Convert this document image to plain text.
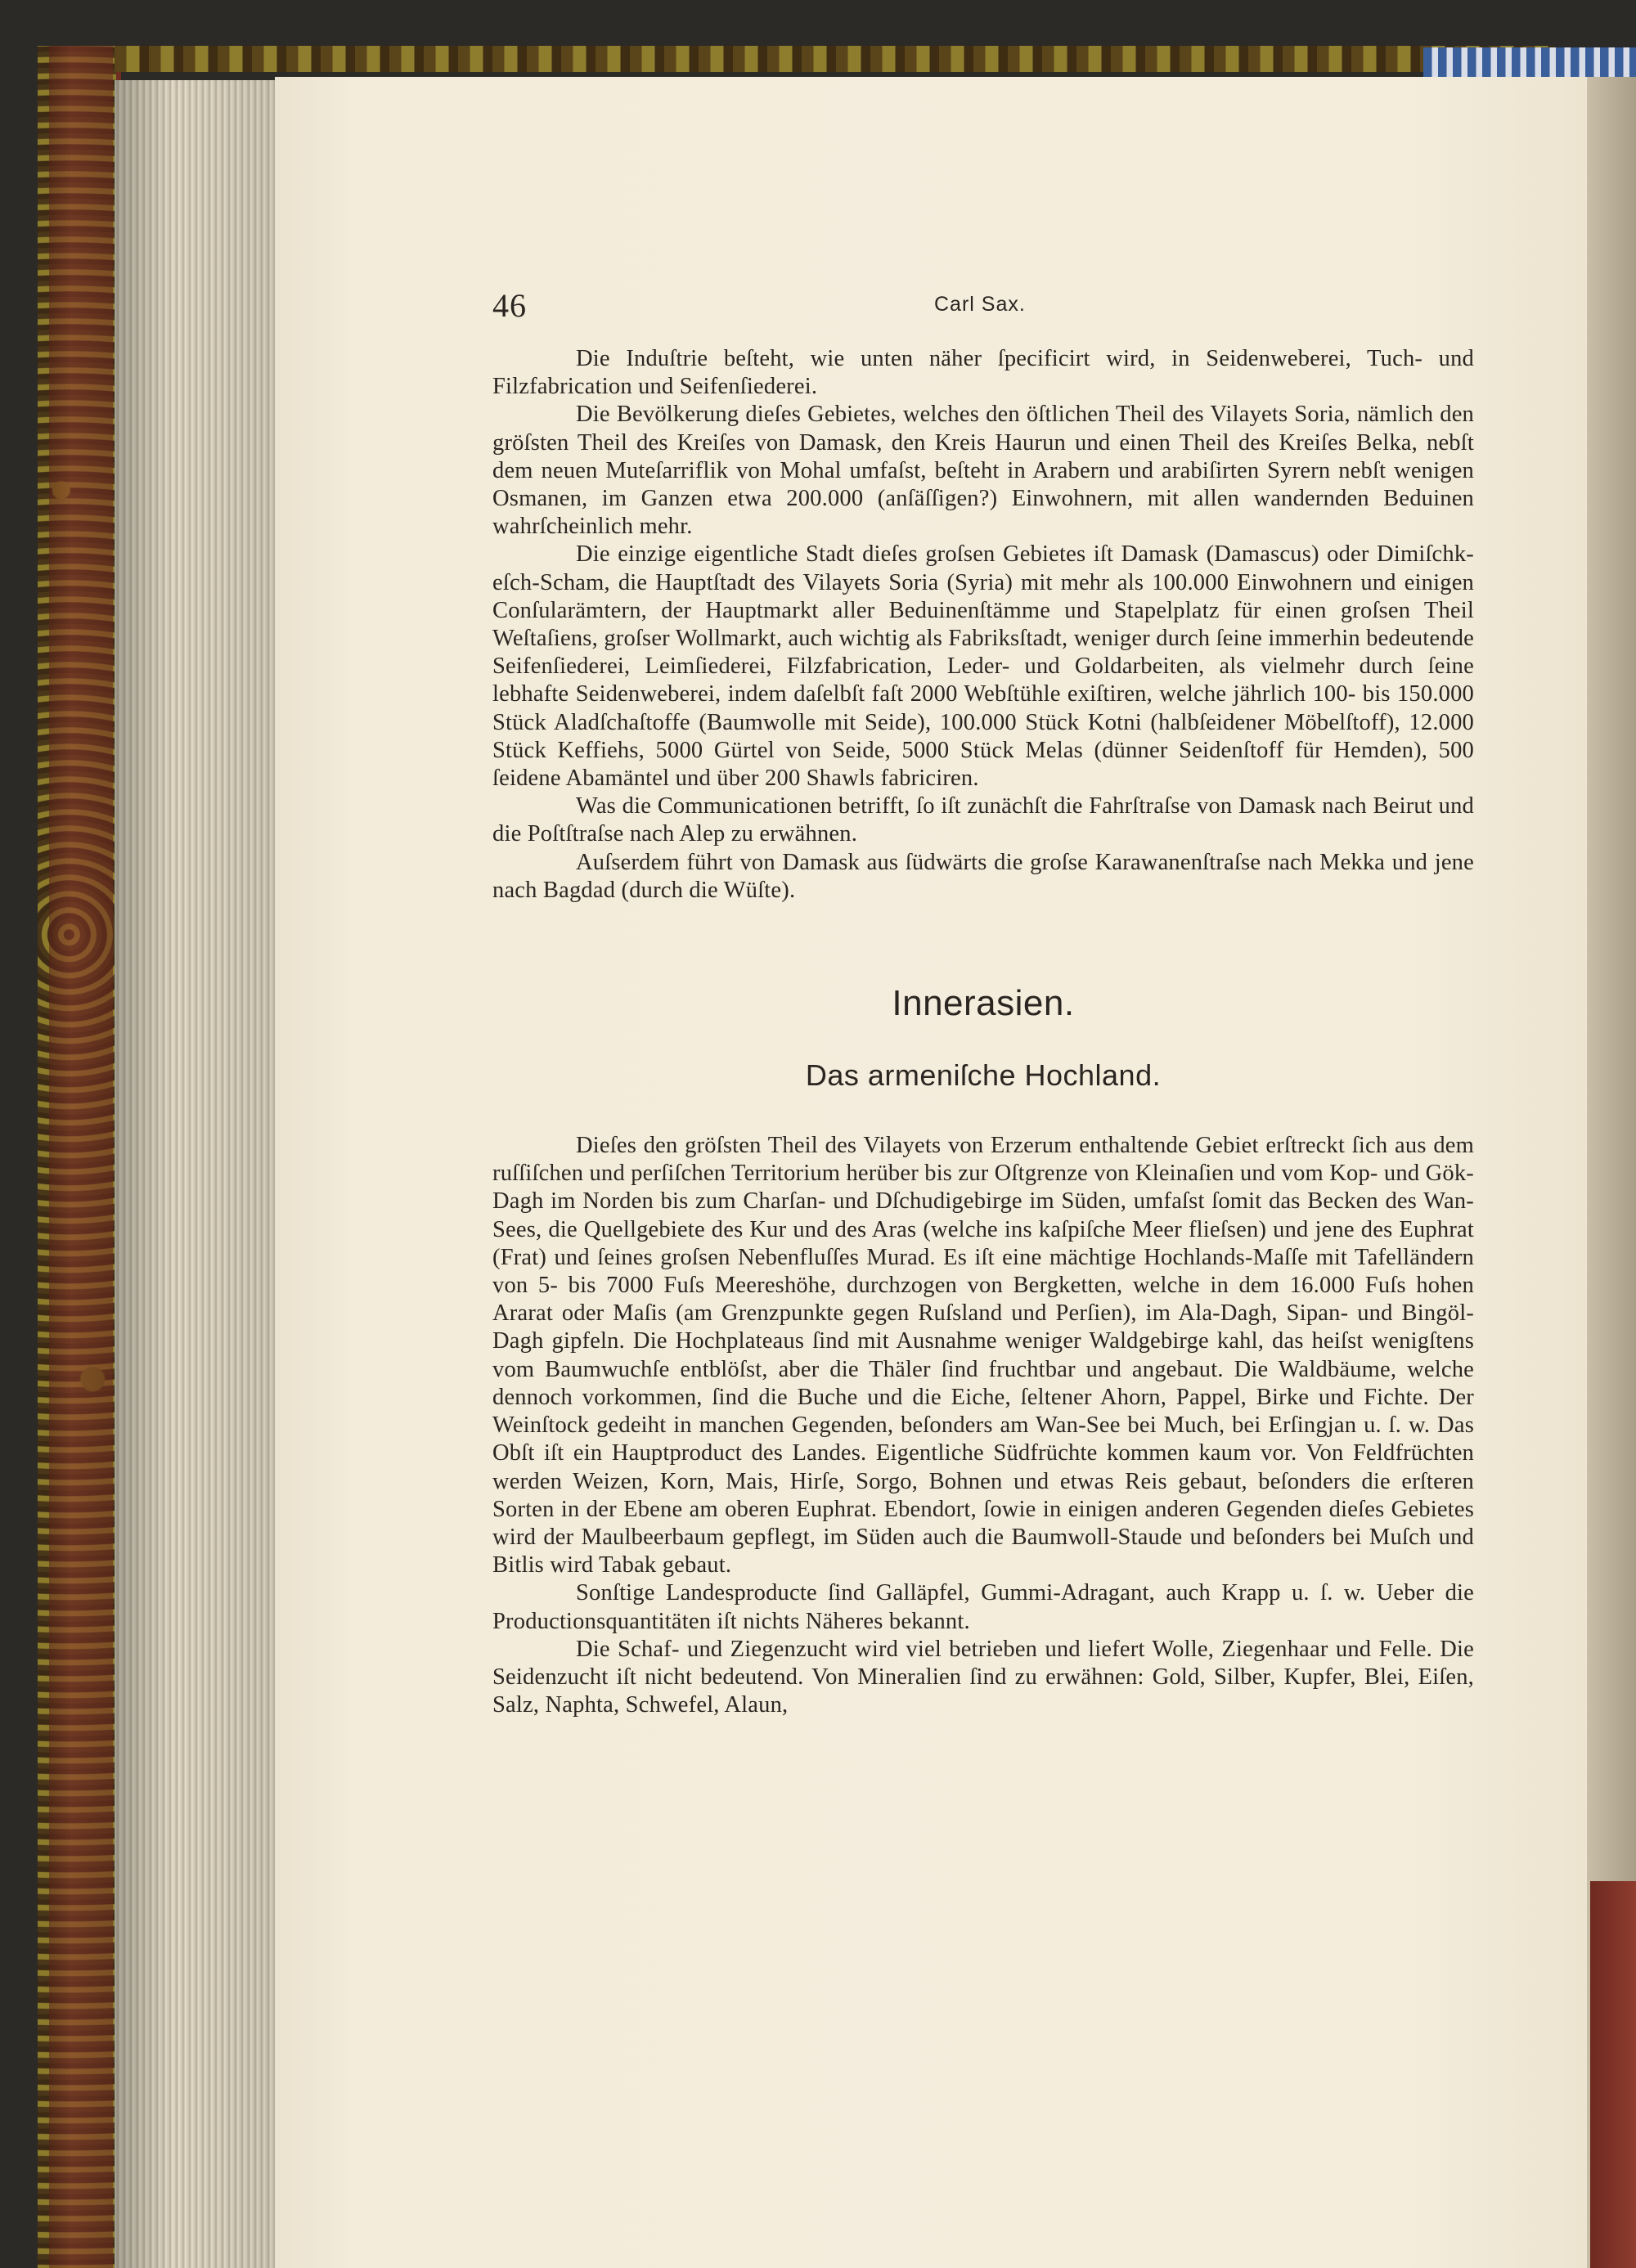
46	Carl Sax.

Die Induſtrie beſteht, wie unten näher ſpecificirt wird, in Seidenweberei, Tuch- und Filzfabrication und Seifenſiederei.

Die Bevölkerung dieſes Gebietes, welches den öſtlichen Theil des Vilayets Soria, nämlich den gröſsten Theil des Kreiſes von Damask, den Kreis Haurun und einen Theil des Kreiſes Belka, nebſt dem neuen Muteſarriflik von Mohal umfaſst, beſteht in Arabern und arabiſirten Syrern nebſt wenigen Osmanen, im Ganzen etwa 200.000 (anſäſſigen?) Einwohnern, mit allen wandernden Beduinen wahrſcheinlich mehr.

Die einzige eigentliche Stadt dieſes groſsen Gebietes iſt Damask (Damascus) oder Dimiſchk-eſch-Scham, die Hauptſtadt des Vilayets Soria (Syria) mit mehr als 100.000 Einwohnern und einigen Conſularämtern, der Hauptmarkt aller Beduinenſtämme und Stapelplatz für einen groſsen Theil Weſtaſiens, groſser Wollmarkt, auch wichtig als Fabriksſtadt, weniger durch ſeine immerhin bedeutende Seifenſiederei, Leimſiederei, Filzfabrication, Leder- und Goldarbeiten, als vielmehr durch ſeine lebhafte Seidenweberei, indem daſelbſt faſt 2000 Webſtühle exiſtiren, welche jährlich 100- bis 150.000 Stück Aladſchaſtoffe (Baumwolle mit Seide), 100.000 Stück Kotni (halbſeidener Möbelſtoff), 12.000 Stück Keffiehs, 5000 Gürtel von Seide, 5000 Stück Melas (dünner Seidenſtoff für Hemden), 500 ſeidene Abamäntel und über 200 Shawls fabriciren.

Was die Communicationen betrifft, ſo iſt zunächſt die Fahrſtraſse von Damask nach Beirut und die Poſtſtraſse nach Alep zu erwähnen.

Auſserdem führt von Damask aus ſüdwärts die groſse Karawanenſtraſse nach Mekka und jene nach Bagdad (durch die Wüſte).

Innerasien.
Das armeniſche Hochland.

Dieſes den gröſsten Theil des Vilayets von Erzerum enthaltende Gebiet erſtreckt ſich aus dem ruſſiſchen und perſiſchen Territorium herüber bis zur Oſtgrenze von Kleinaſien und vom Kop- und Gök-Dagh im Norden bis zum Charſan- und Dſchudigebirge im Süden, umfaſst ſomit das Becken des Wan-Sees, die Quellgebiete des Kur und des Aras (welche ins kaſpiſche Meer flieſsen) und jene des Euphrat (Frat) und ſeines groſsen Nebenfluſſes Murad. Es iſt eine mächtige Hochlands-Maſſe mit Tafelländern von 5- bis 7000 Fuſs Meereshöhe, durchzogen von Bergketten, welche in dem 16.000 Fuſs hohen Ararat oder Maſis (am Grenzpunkte gegen Ruſsland und Perſien), im Ala-Dagh, Sipan- und Bingöl-Dagh gipfeln. Die Hochplateaus ſind mit Ausnahme weniger Waldgebirge kahl, das heiſst wenigſtens vom Baumwuchſe entblöſst, aber die Thäler ſind fruchtbar und angebaut. Die Waldbäume, welche dennoch vorkommen, ſind die Buche und die Eiche, ſeltener Ahorn, Pappel, Birke und Fichte. Der Weinſtock gedeiht in manchen Gegenden, beſonders am Wan-See bei Much, bei Erſingjan u. ſ. w. Das Obſt iſt ein Hauptproduct des Landes. Eigentliche Südfrüchte kommen kaum vor. Von Feldfrüchten werden Weizen, Korn, Mais, Hirſe, Sorgo, Bohnen und etwas Reis gebaut, beſonders die erſteren Sorten in der Ebene am oberen Euphrat. Ebendort, ſowie in einigen anderen Gegenden dieſes Gebietes wird der Maulbeerbaum gepflegt, im Süden auch die Baumwoll-Staude und beſonders bei Muſch und Bitlis wird Tabak gebaut.

Sonſtige Landesproducte ſind Galläpfel, Gummi-Adragant, auch Krapp u. ſ. w. Ueber die Productionsquantitäten iſt nichts Näheres bekannt.

Die Schaf- und Ziegenzucht wird viel betrieben und liefert Wolle, Ziegenhaar und Felle. Die Seidenzucht iſt nicht bedeutend. Von Mineralien ſind zu erwähnen: Gold, Silber, Kupfer, Blei, Eiſen, Salz, Naphta, Schwefel, Alaun,
